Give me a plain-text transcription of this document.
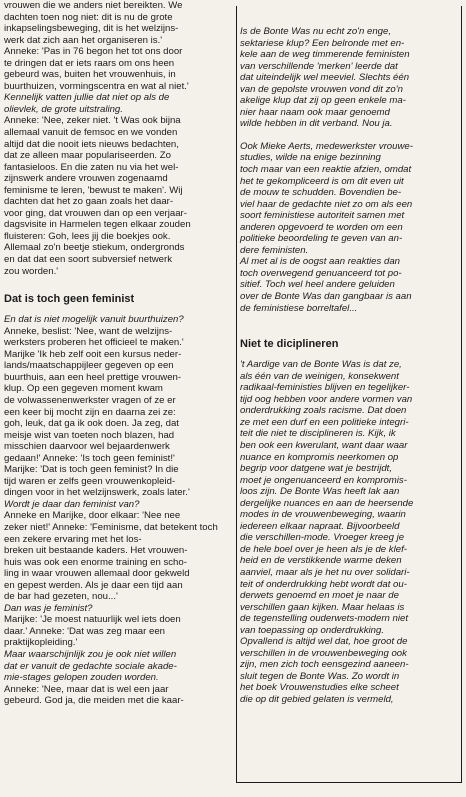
vrouwen die we anders niet bereikten. We
dachten toen nog niet: dit is nu de grote
inkapselingsbeweging, dit is het welzijns-
werk dat zich aan het organiseren is.'
Anneke: 'Pas in 76 begon het tot ons door
te dringen dat er iets raars om ons heen
gebeurd was, buiten het vrouwenhuis, in
buurthuizen, vormingscentra en wat al niet.'

Kennelijk vatten jullie dat niet op als de
olievlek, de grote uitstraling.

Anneke: 'Nee, zeker niet. 't Was ook bijna
allemaal vanuit de femsoc en we vonden
altijd dat die nooit iets nieuws bedachten,
dat ze alleen maar populariseerden. Zo
fantasieloos. En die zaten nu via het wel-
zijnswerk andere vrouwen zogenaamd
feminisme te leren, 'bewust te maken'. Wij
dachten dat het zo gaan zoals het daar-
voor ging, dat vrouwen dan op een verjaar-
dagsvisite in Harmelen tegen elkaar zouden
fluisteren: Goh, lees jij die boekjes ook.
Allemaal zo'n beetje stiekum, ondergronds
en dat dat een soort subversief netwerk
zou worden.'

Dat is toch geen feminist

En dat is niet mogelijk vanuit buurthuizen?

Anneke, beslist: 'Nee, want de welzijns-
werksters proberen het officieel te maken.'
Marijke 'Ik heb zelf ooit een kursus neder-
lands/maatschappijleer gegeven op een
buurthuis, aan een heel prettige vrouwen-
klup. Op een gegeven moment kwam
de volwassenenwerkster vragen of ze er
een keer bij mocht zijn en daarna zei ze:
goh, leuk, dat ga ik ook doen. Ja zeg, dat
meisje wist van toeten noch blazen, had
misschien daarvoor wel bejaardenwerk
gedaan!' Anneke: 'Is toch geen feminist!'
Marijke: 'Dat is toch geen feminist? In die
tijd waren er zelfs geen vrouwenkopleid-
dingen voor in het welzijnswerk, zoals later.'

Wordt je daar dan feminist van?

Anneke en Marijke, door elkaar: 'Nee nee
zeker niet!' Anneke: 'Feminisme, dat betekent toch een zekere ervaring met het los-
breken uit bestaande kaders. Het vrouwen-
huis was ook een enorme training en scho-
ling in waar vrouwen allemaal door gekweld
en gepest werden. Als je daar een tijd aan
de bar had gezeten, nou...'

Dan was je feminist?

Marijke: 'Je moest natuurlijk wel iets doen
daar.' Anneke: 'Dat was zeg maar een
praktijkopleiding.'

Maar waarschijnlijk zou je ook niet willen
dat er vanuit de gedachte sociale akade-
mie-stages gelopen zouden worden.

Anneke: 'Nee, maar dat is wel een jaar
gebeurd. God ja, die meiden met die kaar-

Is de Bonte Was nu echt zo'n enge,
sektariese klup? Een belronde met en-
kele aan de weg timmerende feministen
van verschillende 'merken' leerde dat
dat uiteindelijk wel meeviel. Slechts één
van de gepolste vrouwen vond dit zo'n
akelige klup dat zij op geen enkele ma-
nier haar naam ook maar genoemd
wilde hebben in dit verband. Nou ja.

Ook Mieke Aerts, medewerkster vrouwe-
studies, wilde na enige bezinning
toch maar van een reaktie afzien, omdat
het te gekompliceerd is om dit even uit
de mouw te schudden. Bovendien be-
viel haar de gedachte niet zo om als een
soort feministiese autoriteit samen met
anderen opgevoerd te worden om een
politieke beoordeling te geven van an-
dere feministen.
Al met al is de oogst aan reakties dan
toch overwegend genuanceerd tot po-
sitief. Toch wel heel andere geluiden
over de Bonte Was dan gangbaar is aan
de feministiese borreltafel...

Niet te diciplineren

't Aardige van de Bonte Was is dat ze,
als één van de weinigen, konsekwent
radikaal-feministies blijven en tegelijker-
tijd oog hebben voor andere vormen van
onderdrukking zoals racisme. Dat doen
ze met een durf en een politieke integri-
teit die niet te disciplineren is. Kijk, ik
ben ook een kwerulant, want daar waar
nuance en kompromis neerkomen op
begrip voor datgene wat je bestrijdt,
moet je ongenuanceerd en kompromis-
loos zijn. De Bonte Was heeft lak aan
dergelijke nuances en aan de heersende
modes in de vrouwenbeweging, waarin
iedereen elkaar napraat. Bijvoorbeeld
die verschillen-mode. Vroeger kreeg je
de hele boel over je heen als je de klef-
heid en de verstikkende warme deken
aanviel, maar als je het nu over solidari-
teit of onderdrukking hebt wordt dat ou-
derwets genoemd en moet je naar de
verschillen gaan kijken. Maar helaas is
de tegenstelling ouderwets-modern niet
van toepassing op onderdrukking.
Opvallend is altijd wel dat, hoe groot de
verschillen in de vrouwenbeweging ook
zijn, men zich toch eensgezind aaneen-
sluit tegen de Bonte Was. Zo wordt in
het boek Vrouwenstudies elke scheet
die op dit gebied gelaten is vermeld,
